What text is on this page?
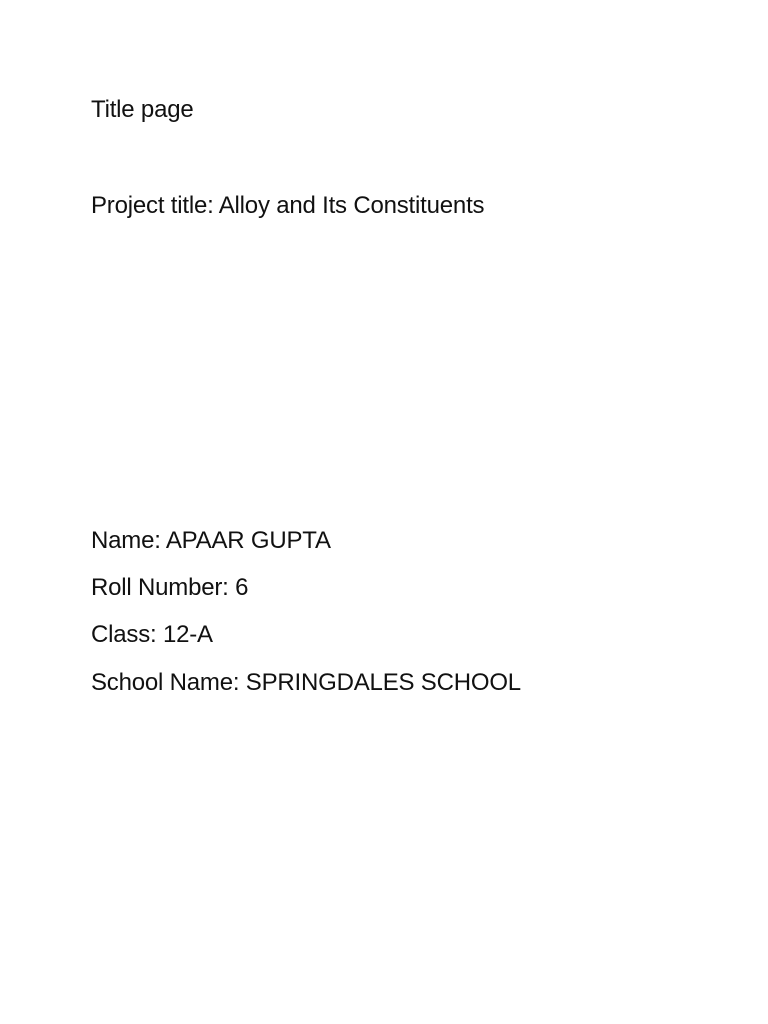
Title page
Project title: Alloy and Its Constituents
Name: APAAR GUPTA
Roll Number: 6
Class: 12-A
School Name: SPRINGDALES SCHOOL
